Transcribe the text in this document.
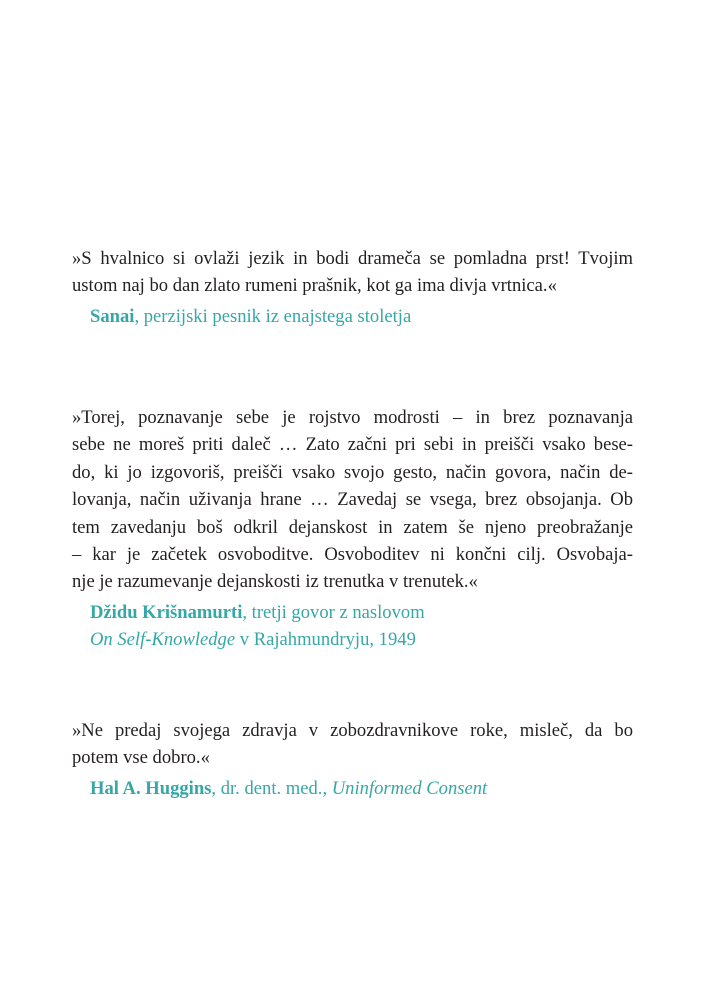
»S hvalnico si ovlaži jezik in bodi drameča se pomladna prst! Tvojim
ustom naj bo dan zlato rumeni prašnik, kot ga ima divja vrtnica.«

Sanai, perzijski pesnik iz enajstega stoletja

»Torej, poznavanje sebe je rojstvo modrosti – in brez poznavanja
sebe ne moreš priti daleč … Zato začni pri sebi in preišči vsako bese-
do, ki jo izgovoriš, preišči vsako svojo gesto, način govora, način de-
lovanja, način uživanja hrane … Zavedaj se vsega, brez obsojanja. Ob
tem zavedanju boš odkril dejanskost in zatem še njeno preobražanje
– kar je začetek osvoboditve. Osvoboditev ni končni cilj. Osvobaja-
nje je razumevanje dejanskosti iz trenutka v trenutek.«

Džidu Krišnamurti, tretji govor z naslovom
On Self-Knowledge v Rajahmundryju, 1949

»Ne predaj svojega zdravja v zobozdravnikove roke, misleč, da bo
potem vse dobro.«

Hal A. Huggins, dr. dent. med., Uninformed Consent
